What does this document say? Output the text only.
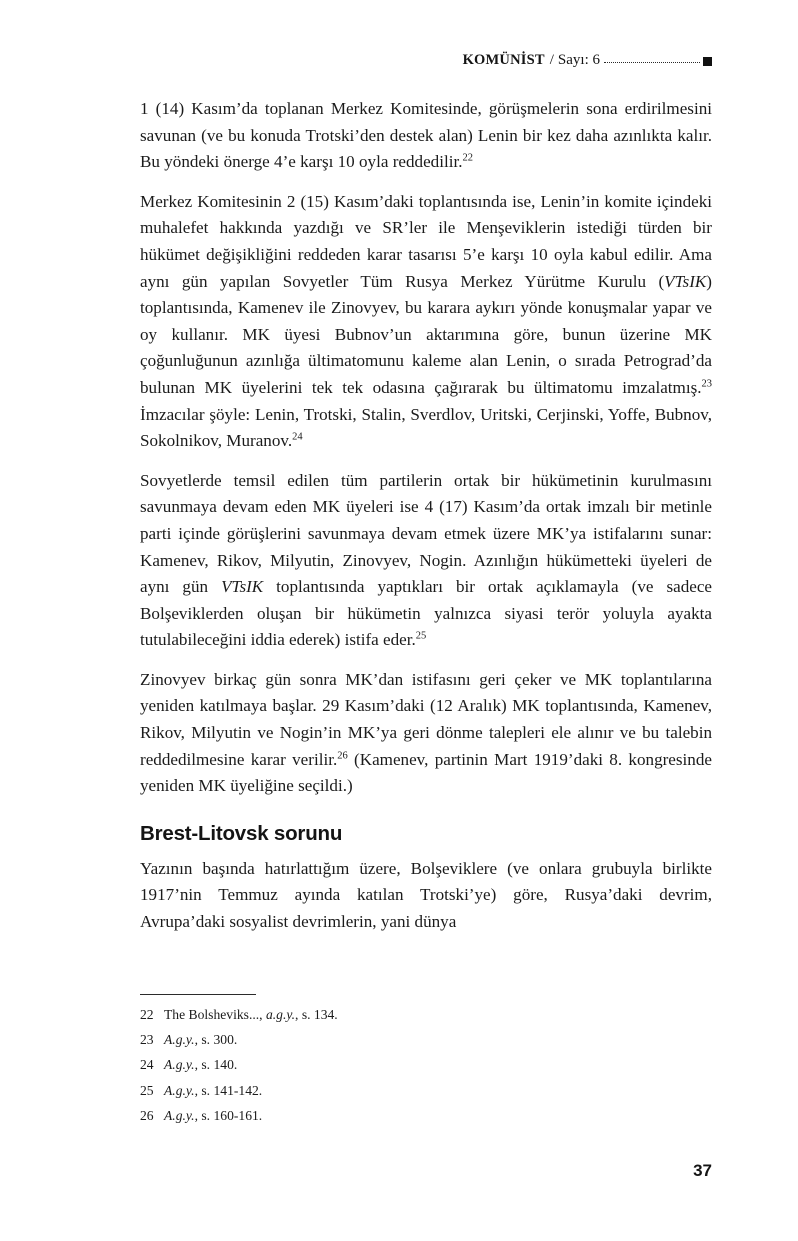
KOMÜNİST / Sayı: 6

1 (14) Kasım’da toplanan Merkez Komitesinde, görüşmelerin sona erdirilmesini savunan (ve bu konuda Trotski’den destek alan) Lenin bir kez daha azınlıkta kalır. Bu yöndeki önerge 4’e karşı 10 oyla reddedilir.$^{22}$

Merkez Komitesinin 2 (15) Kasım’daki toplantısında ise, Lenin’in komite içindeki muhalefet hakkında yazdığı ve SR’ler ile Menşeviklerin istediği türden bir hükümet değişikliğini reddeden karar tasarısı 5’e karşı 10 oyla kabul edilir. Ama aynı gün yapılan Sovyetler Tüm Rusya Merkez Yürütme Kurulu (VTsIK) toplantısında, Kamenev ile Zinovyev, bu karara aykırı yönde konuşmalar yapar ve oy kullanır. MK üyesi Bubnov’un aktarımına göre, bunun üzerine MK çoğunluğunun azınlığa ültimatomunu kaleme alan Lenin, o sırada Petrograd’da bulunan MK üyelerini tek tek odasına çağırarak bu ültimatomu imzalatmış.$^{23}$ İmzacılar şöyle: Lenin, Trotski, Stalin, Sverdlov, Uritski, Cerjinski, Yoffe, Bubnov, Sokolnikov, Muranov.$^{24}$

Sovyetlerde temsil edilen tüm partilerin ortak bir hükümetinin kurulmasını savunmaya devam eden MK üyeleri ise 4 (17) Kasım’da ortak imzalı bir metinle parti içinde görüşlerini savunmaya devam etmek üzere MK’ya istifalarını sunar: Kamenev, Rikov, Milyutin, Zinovyev, Nogin. Azınlığın hükümetteki üyeleri de aynı gün VTsIK toplantısında yaptıkları bir ortak açıklamayla (ve sadece Bolşeviklerden oluşan bir hükümetin yalnızca siyasi terör yoluyla ayakta tutulabileceğini iddia ederek) istifa eder.$^{25}$

Zinovyev birkaç gün sonra MK’dan istifasını geri çeker ve MK toplantılarına yeniden katılmaya başlar. 29 Kasım’daki (12 Aralık) MK toplantısında, Kamenev, Rikov, Milyutin ve Nogin’in MK’ya geri dönme talepleri ele alınır ve bu talebin reddedilmesine karar verilir.$^{26}$ (Kamenev, partinin Mart 1919’daki 8. kongresinde yeniden MK üyeliğine seçildi.)

Brest-Litovsk sorunu

Yazının başında hatırlattığım üzere, Bolşeviklere (ve onlara grubuyla birlikte 1917’nin Temmuz ayında katılan Trotski’ye) göre, Rusya’daki devrim, Avrupa’daki sosyalist devrimlerin, yani dünya

22 The Bolsheviks..., a.g.y., s. 134.
23 A.g.y., s. 300.
24 A.g.y., s. 140.
25 A.g.y., s. 141-142.
26 A.g.y., s. 160-161.
37
